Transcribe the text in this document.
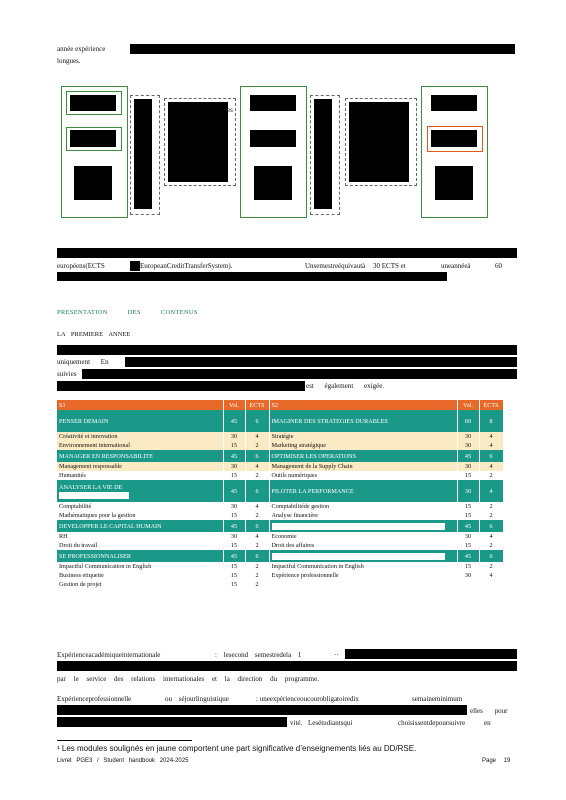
année expérience
longues.
es
européens(ECTS	EuropeanCreditTransferSystem).	Unsemestreéquivautà 30 ECTS et	uneannéeà	60
PRESENTATION DES CONTENUS
LA PREMIERE ANNEE
uniquement En
suivies
est également exigée.
S1	Vol.	ECTS	S2	Vol.	ECTS
PENSER DEMAIN	45	6	IMAGINER DES STRATEGIES DURABLES	60	8
Créativité et innovation	30	4	Stratégie	30	4
Environnement international	15	2	Marketing stratégique	30	4
MANAGER EN RESPONSABILITE	45	6	OPTIMISER LES OPERATIONS	45	6
Management responsable	30	4	Management de la Supply Chain	30	4
Humanités	15	2	Outils numériques	15	2
ANALYSER LA VIE DE	45	6	PILOTER LA PERFORMANCE	30	4
Comptabilité	30	4	Comptabilitéde gestion	15	2
Mathématiques pour la gestion	15	2	Analyse financière	15	2
DEVELOPPER LE CAPITAL HUMAIN	45	6		45	6
RH	30	4	Economie	30	4
Droit du travail	15	2	Droit des affaires	15	2
SE PROFESSIONNALISER	45	6		45	6
Impactful Communication in English	15	2	Impactful Communication in English	15	2
Business etiquette	15	2	Expérience professionnelle	30	4
Gestion de projet	15	2			
Expérienceacadémiqueinternationale	: lesecond semestredela 1	··
par le service des relations internationales et la direction du programme.
Expérienceprofessionnelle	ou séjourlinguistique	: uneexpérienceoucourobligatoiredix	semaineminimum
elles pour
vité. Lesétudiantsqui	choisissentdepoursuivre	en
¹ Les modules soulignés en jaune comportent une part significative d’enseignements liés au DD/RSE.
Livret PGE3 / Student handbook 2024-2025	Page 19
